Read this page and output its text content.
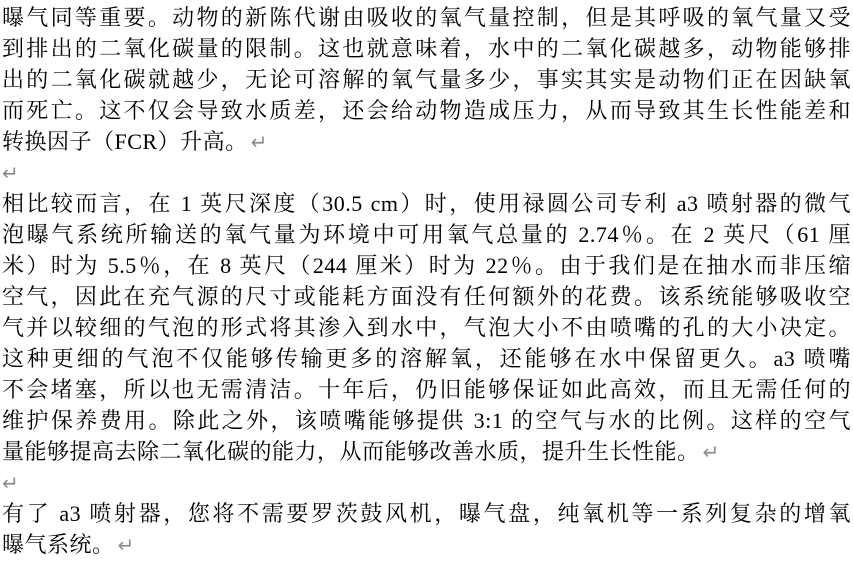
曝气同等重要。动物的新陈代谢由吸收的氧气量控制，但是其呼吸的氧气量又受
到排出的二氧化碳量的限制。这也就意味着，水中的二氧化碳越多，动物能够排
出的二氧化碳就越少，无论可溶解的氧气量多少，事实其实是动物们正在因缺氧
而死亡。这不仅会导致水质差，还会给动物造成压力，从而导致其生长性能差和
转换因子（FCR）升高。 ↵
↵
相比较而言，在 1 英尺深度（30.5 cm）时，使用禄圆公司专利 a3 喷射器的微气
泡曝气系统所输送的氧气量为环境中可用氧气总量的 2.74％。在 2 英尺（61 厘
米）时为 5.5％，在 8 英尺（244 厘米）时为 22％。由于我们是在抽水而非压缩
空气，因此在充气源的尺寸或能耗方面没有任何额外的花费。该系统能够吸收空
气并以较细的气泡的形式将其渗入到水中，气泡大小不由喷嘴的孔的大小决定。
这种更细的气泡不仅能够传输更多的溶解氧，还能够在水中保留更久。a3 喷嘴
不会堵塞，所以也无需清洁。十年后，仍旧能够保证如此高效，而且无需任何的
维护保养费用。除此之外，该喷嘴能够提供 3:1 的空气与水的比例。这样的空气
量能够提高去除二氧化碳的能力，从而能够改善水质，提升生长性能。 ↵
↵
有了 a3 喷射器，您将不需要罗茨鼓风机，曝气盘，纯氧机等一系列复杂的增氧
曝气系统。 ↵
